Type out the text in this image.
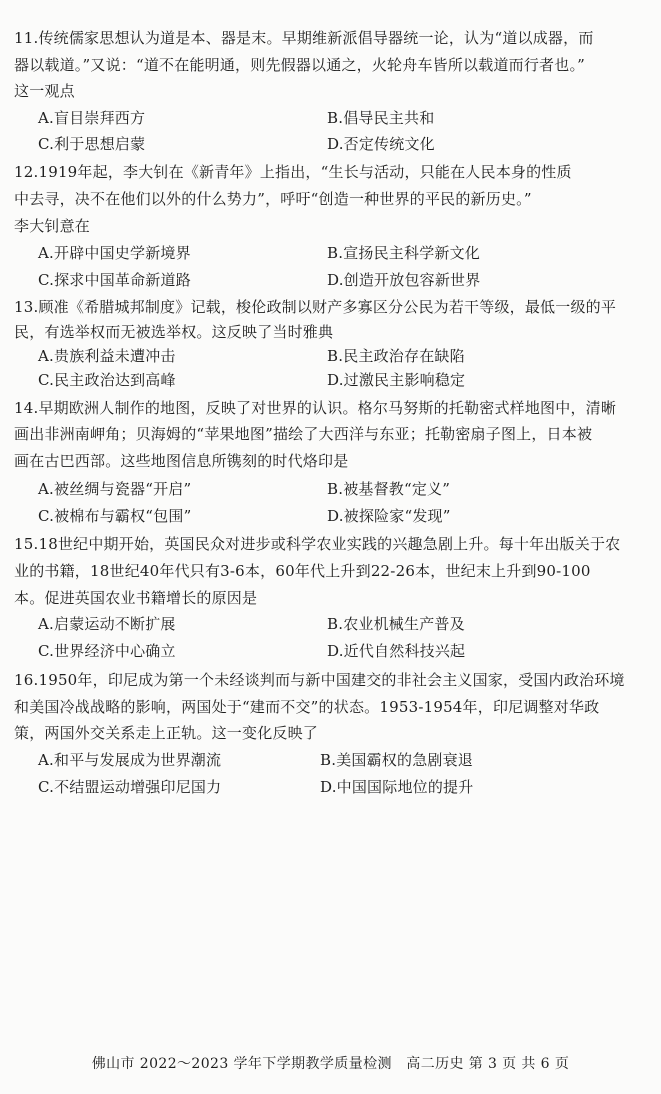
11.传统儒家思想认为道是本、器是末。早期维新派倡导器统一论，认为“道以成器，而
器以载道。”又说：“道不在能明通，则先假器以通之，火轮舟车皆所以载道而行者也。”
这一观点
A.盲目崇拜西方	B.倡导民主共和
C.利于思想启蒙	D.否定传统文化
12.1919年起，李大钊在《新青年》上指出，“生长与活动，只能在人民本身的性质
中去寻，决不在他们以外的什么势力”，呼吁“创造一种世界的平民的新历史。”
李大钊意在
A.开辟中国史学新境界	B.宣扬民主科学新文化
C.探求中国革命新道路	D.创造开放包容新世界
13.顾准《希腊城邦制度》记载，梭伦政制以财产多寡区分公民为若干等级，最低一级的平
民，有选举权而无被选举权。这反映了当时雅典
A.贵族利益未遭冲击	B.民主政治存在缺陷
C.民主政治达到高峰	D.过激民主影响稳定
14.早期欧洲人制作的地图，反映了对世界的认识。格尔马努斯的托勒密式样地图中，清晰
画出非洲南岬角；贝海姆的“苹果地图”描绘了大西洋与东亚；托勒密扇子图上，日本被
画在古巴西部。这些地图信息所镌刻的时代烙印是
A.被丝绸与瓷器“开启”	B.被基督教“定义”
C.被棉布与霸权“包围”	D.被探险家“发现”
15.18世纪中期开始，英国民众对进步或科学农业实践的兴趣急剧上升。每十年出版关于农
业的书籍，18世纪40年代只有3-6本，60年代上升到22-26本，世纪末上升到90-100
本。促进英国农业书籍增长的原因是
A.启蒙运动不断扩展	B.农业机械生产普及
C.世界经济中心确立	D.近代自然科技兴起
16.1950年，印尼成为第一个未经谈判而与新中国建交的非社会主义国家，受国内政治环境
和美国冷战战略的影响，两国处于“建而不交”的状态。1953-1954年，印尼调整对华政
策，两国外交关系走上正轨。这一变化反映了
A.和平与发展成为世界潮流	B.美国霸权的急剧衰退
C.不结盟运动增强印尼国力	D.中国国际地位的提升
佛山市 2022～2023 学年下学期教学质量检测　高二历史 第 3 页 共 6 页
